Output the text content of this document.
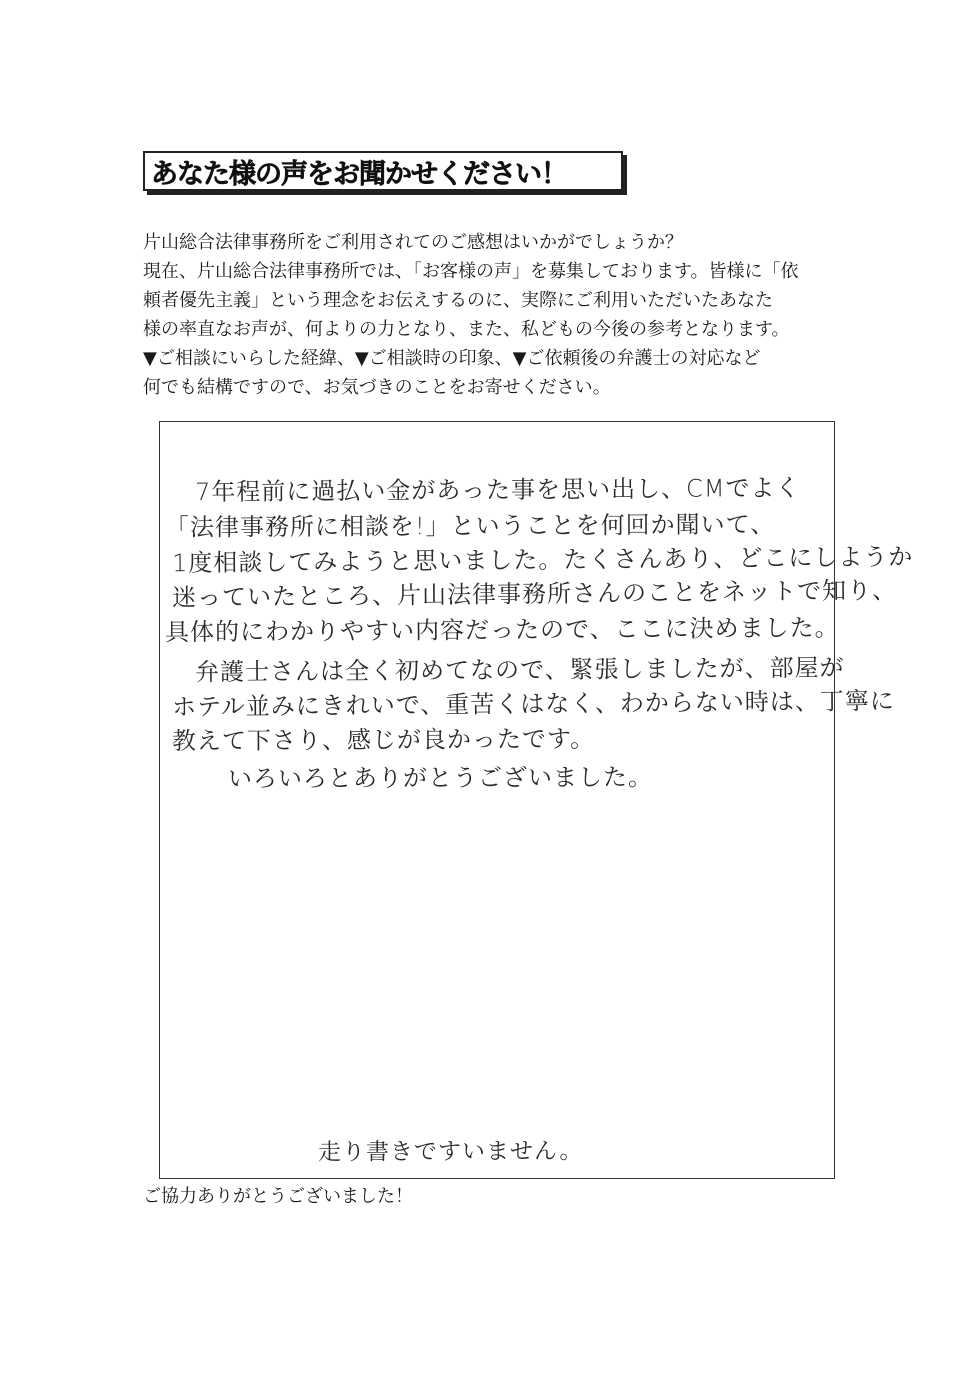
あなた様の声をお聞かせください！
片山総合法律事務所をご利用されてのご感想はいかがでしょうか？
現在、片山総合法律事務所では、「お客様の声」を募集しております。皆様に「依
頼者優先主義」という理念をお伝えするのに、実際にご利用いただいたあなた
様の率直なお声が、何よりの力となり、また、私どもの今後の参考となります。
▼ご相談にいらした経緯、▼ご相談時の印象、▼ご依頼後の弁護士の対応など
何でも結構ですので、お気づきのことをお寄せください。
7年程前に過払い金があった事を思い出し、CMでよく
「法律事務所に相談を!」ということを何回か聞いて、
1度相談してみようと思いました。たくさんあり、どこにしようか
迷っていたところ、片山法律事務所さんのことをネットで知り、
具体的にわかりやすい内容だったので、ここに決めました。
弁護士さんは全く初めてなので、緊張しましたが、部屋が
ホテル並みにきれいで、重苦くはなく、わからない時は、丁寧に
教えて下さり、感じが良かったです。
いろいろとありがとうございました。
走り書きですいません。
ご協力ありがとうございました！
